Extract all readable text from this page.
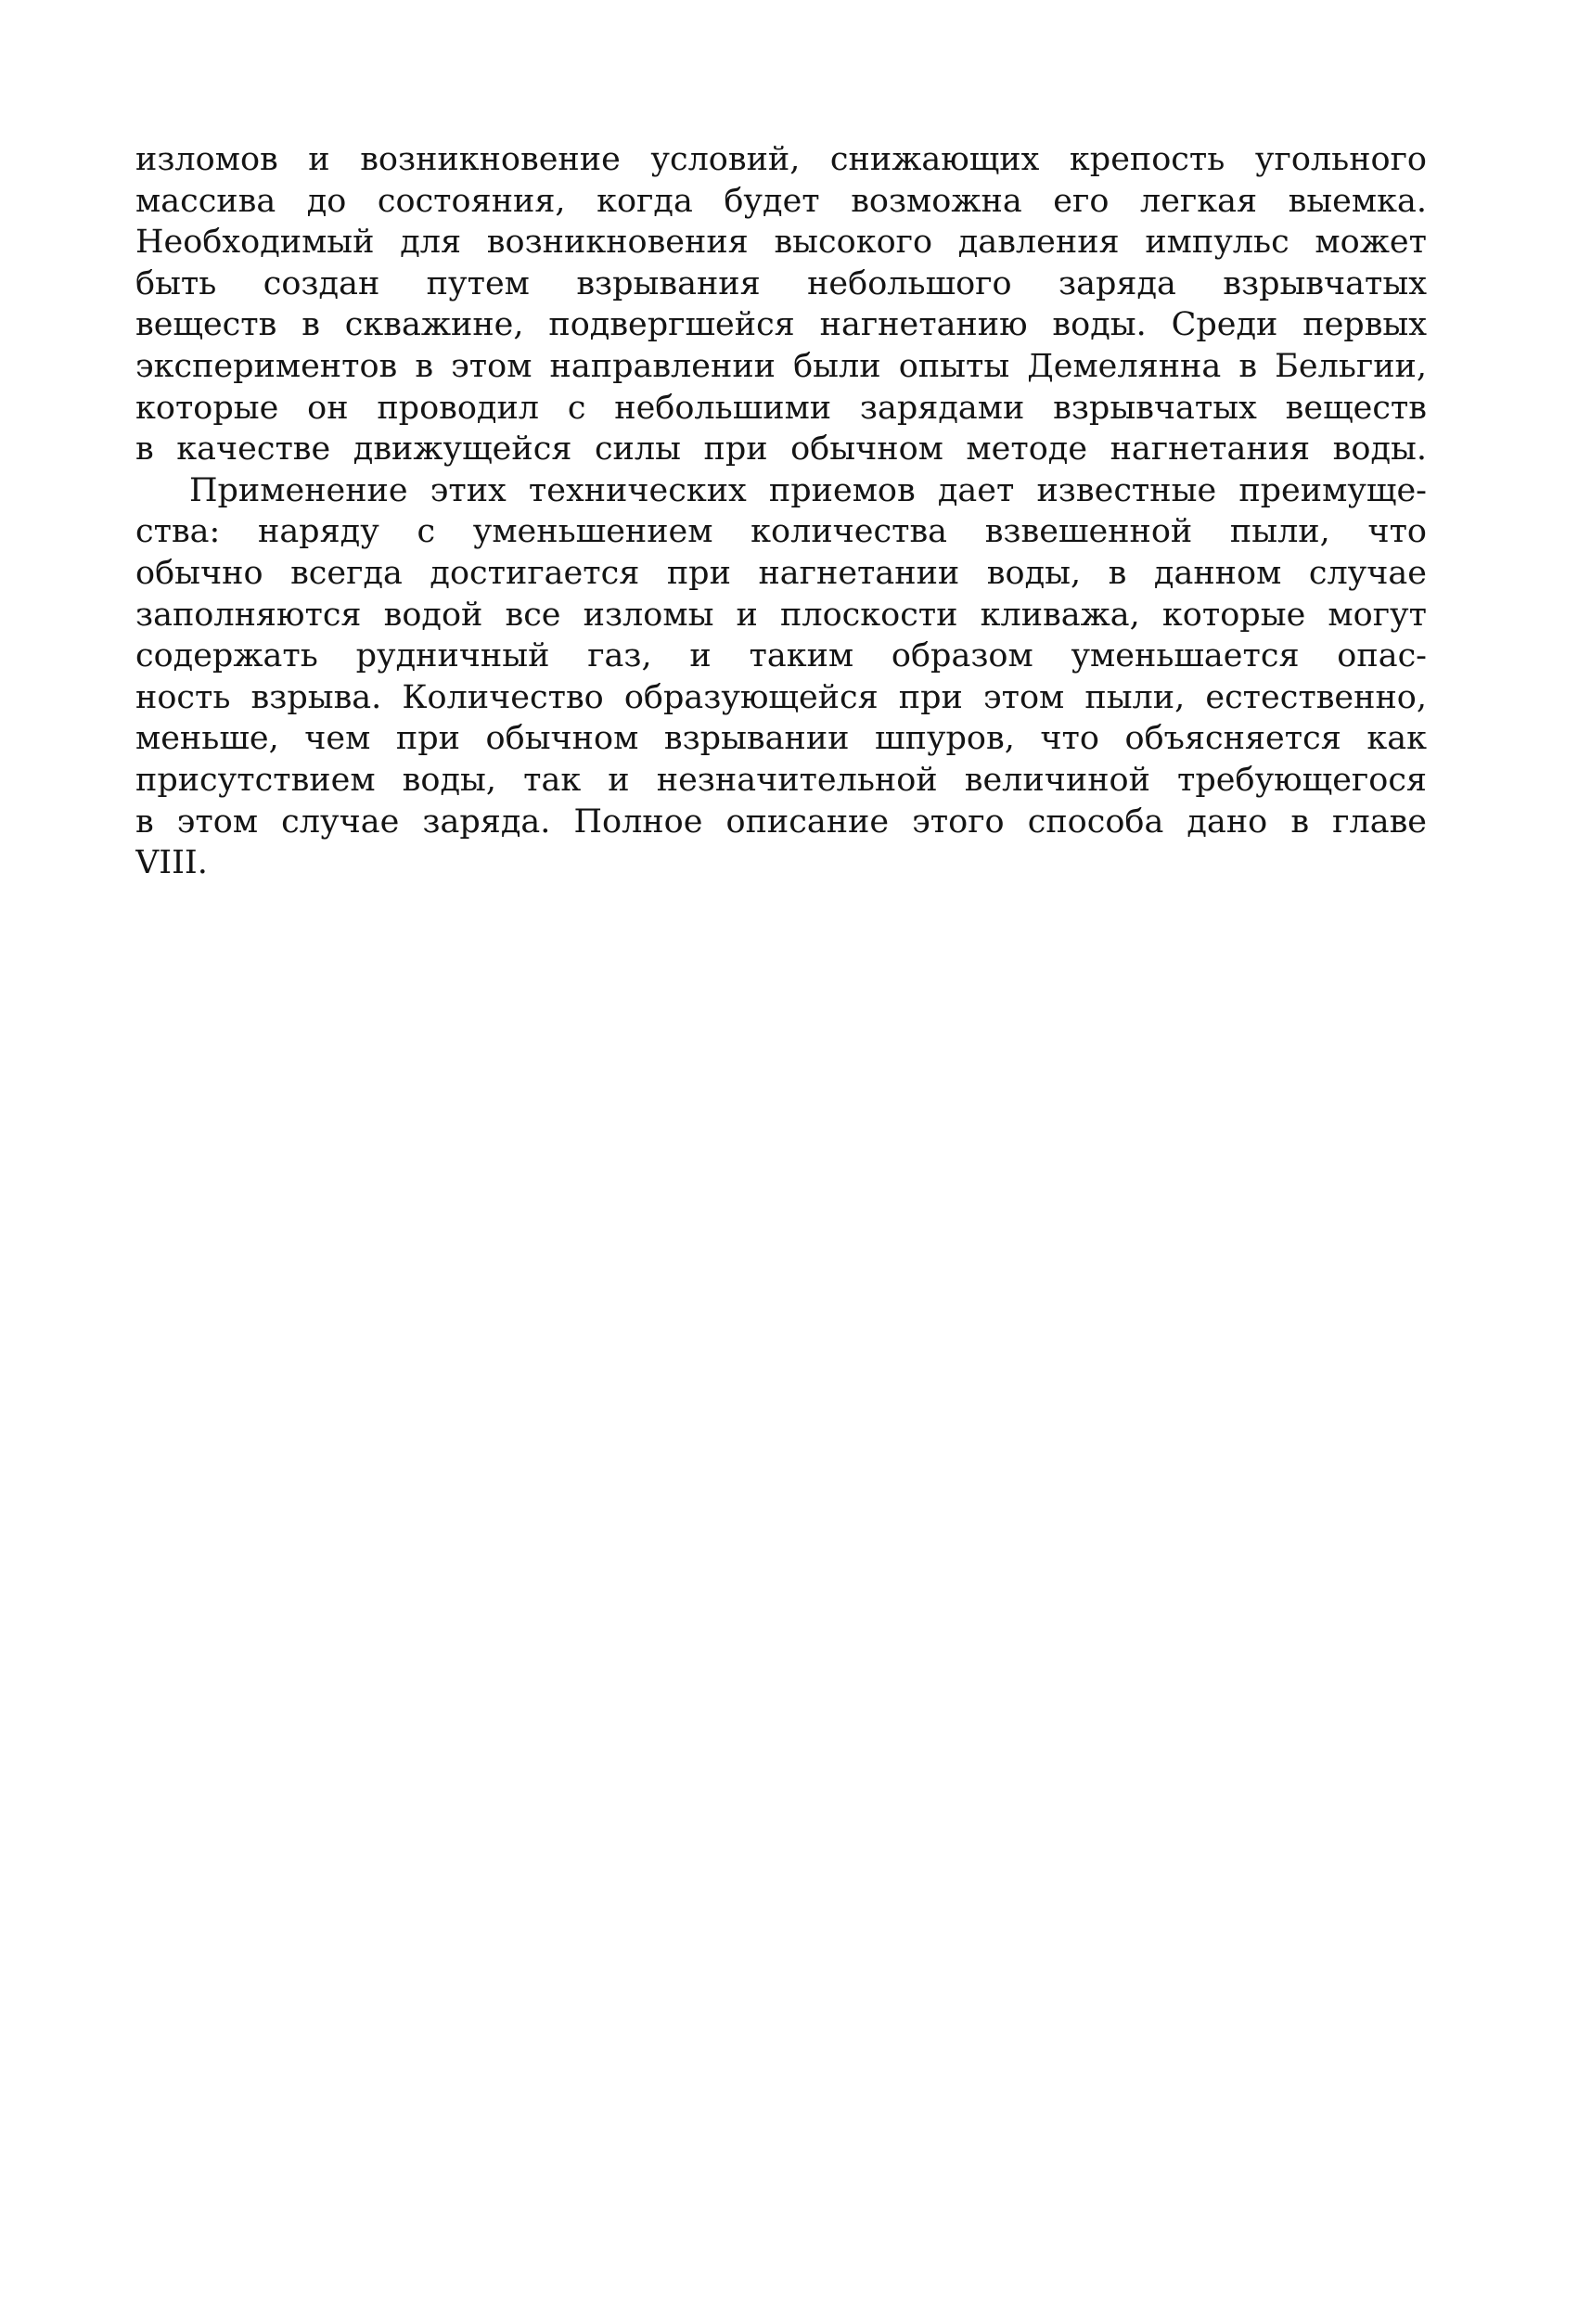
изломов и возникновение условий, снижающих крепость угольного
массива до состояния, когда будет возможна его легкая выемка.
Необходимый для возникновения высокого давления импульс может
быть создан путем взрывания небольшого заряда взрывчатых
веществ в скважине, подвергшейся нагнетанию воды. Среди первых
экспериментов в этом направлении были опыты Демелянна в Бельгии,
которые он проводил с небольшими зарядами взрывчатых веществ
в качестве движущейся силы при обычном методе нагнетания воды.
Применение этих технических приемов дает известные преимуще-
ства: наряду с уменьшением количества взвешенной пыли, что
обычно всегда достигается при нагнетании воды, в данном случае
заполняются водой все изломы и плоскости кливажа, которые могут
содержать рудничный газ, и таким образом уменьшается опас-
ность взрыва. Количество образующейся при этом пыли, естественно,
меньше, чем при обычном взрывании шпуров, что объясняется как
присутствием воды, так и незначительной величиной требующегося
в этом случае заряда. Полное описание этого способа дано в главе
VIII.
